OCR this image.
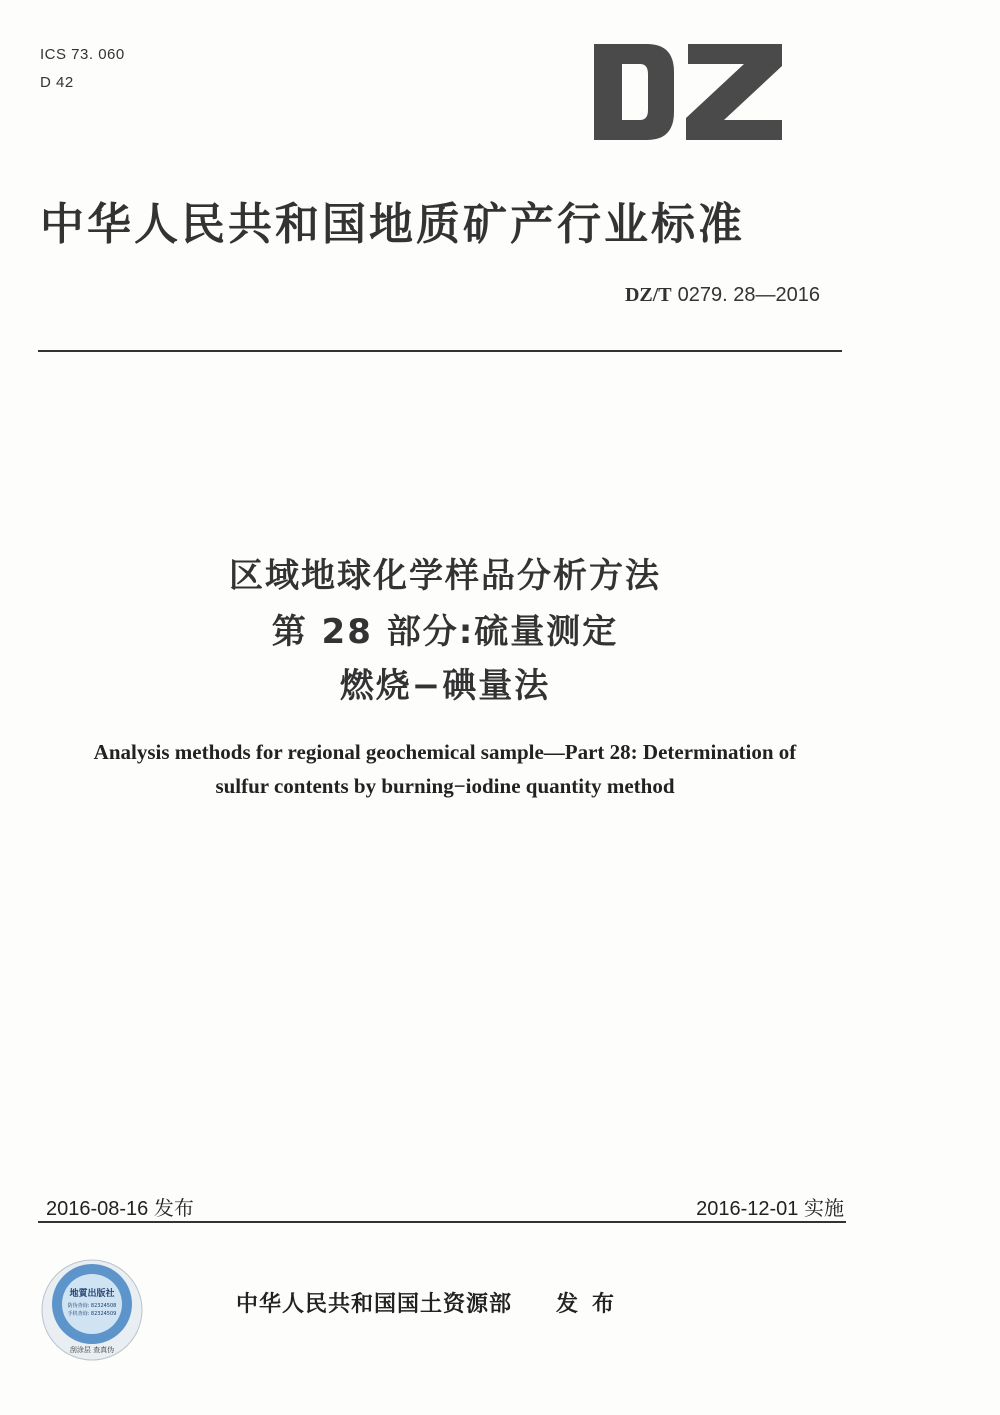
ICS 73. 060
D 42
中华人民共和国地质矿产行业标准
DZ/T 0279. 28—2016
区域地球化学样品分析方法
第 28 部分:硫量测定
燃烧−碘量法
Analysis methods for regional geochemical sample—Part 28: Determination of
sulfur contents by burning−iodine quantity method
2016-08-16 发布	2016-12-01 实施
地質出版社
防伪查询: 82324508
手机查询: 82324509
刮涂层 查真伪
中华人民共和国国土资源部 发布
